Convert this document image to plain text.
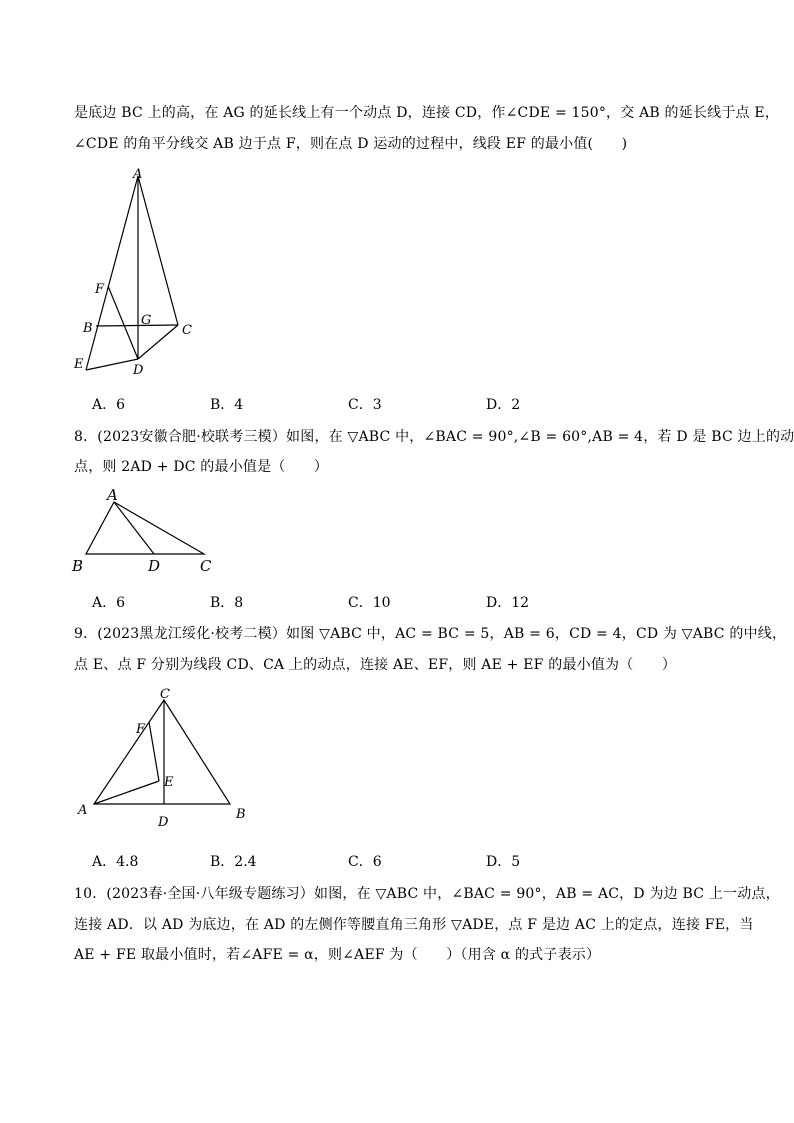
是底边 BC 上的高，在 AG 的延长线上有一个动点 D，连接 CD，作∠CDE = 150°，交 AB 的延长线于点 E，
∠CDE 的角平分线交 AB 边于点 F，则在点 D 运动的过程中，线段 EF 的最小值(　　)
A
F
B
G
C
E	D
A．6	B．4	C．3	D．2
8．(2023安徽合肥·校联考三模）如图，在 ▽ABC 中，∠BAC = 90°,∠B = 60°,AB = 4，若 D 是 BC 边上的动
点，则 2AD + DC 的最小值是（　　）
A
B	D	C
A．6	B．8	C．10	D．12
9．(2023黑龙江绥化·校考二模）如图 ▽ABC 中，AC = BC = 5，AB = 6，CD = 4，CD 为 ▽ABC 的中线，
点 E、点 F 分别为线段 CD、CA 上的动点，连接 AE、EF，则 AE + EF 的最小值为（　　）
C
F
E
A
D
B
A．4.8	B．2.4	C．6	D．5
10．(2023春·全国·八年级专题练习）如图，在 ▽ABC 中，∠BAC = 90°，AB = AC，D 为边 BC 上一动点，
连接 AD．以 AD 为底边，在 AD 的左侧作等腰直角三角形 ▽ADE，点 F 是边 AC 上的定点，连接 FE，当
AE + FE 取最小值时，若∠AFE = α，则∠AEF 为（　　）（用含 α 的式子表示）
